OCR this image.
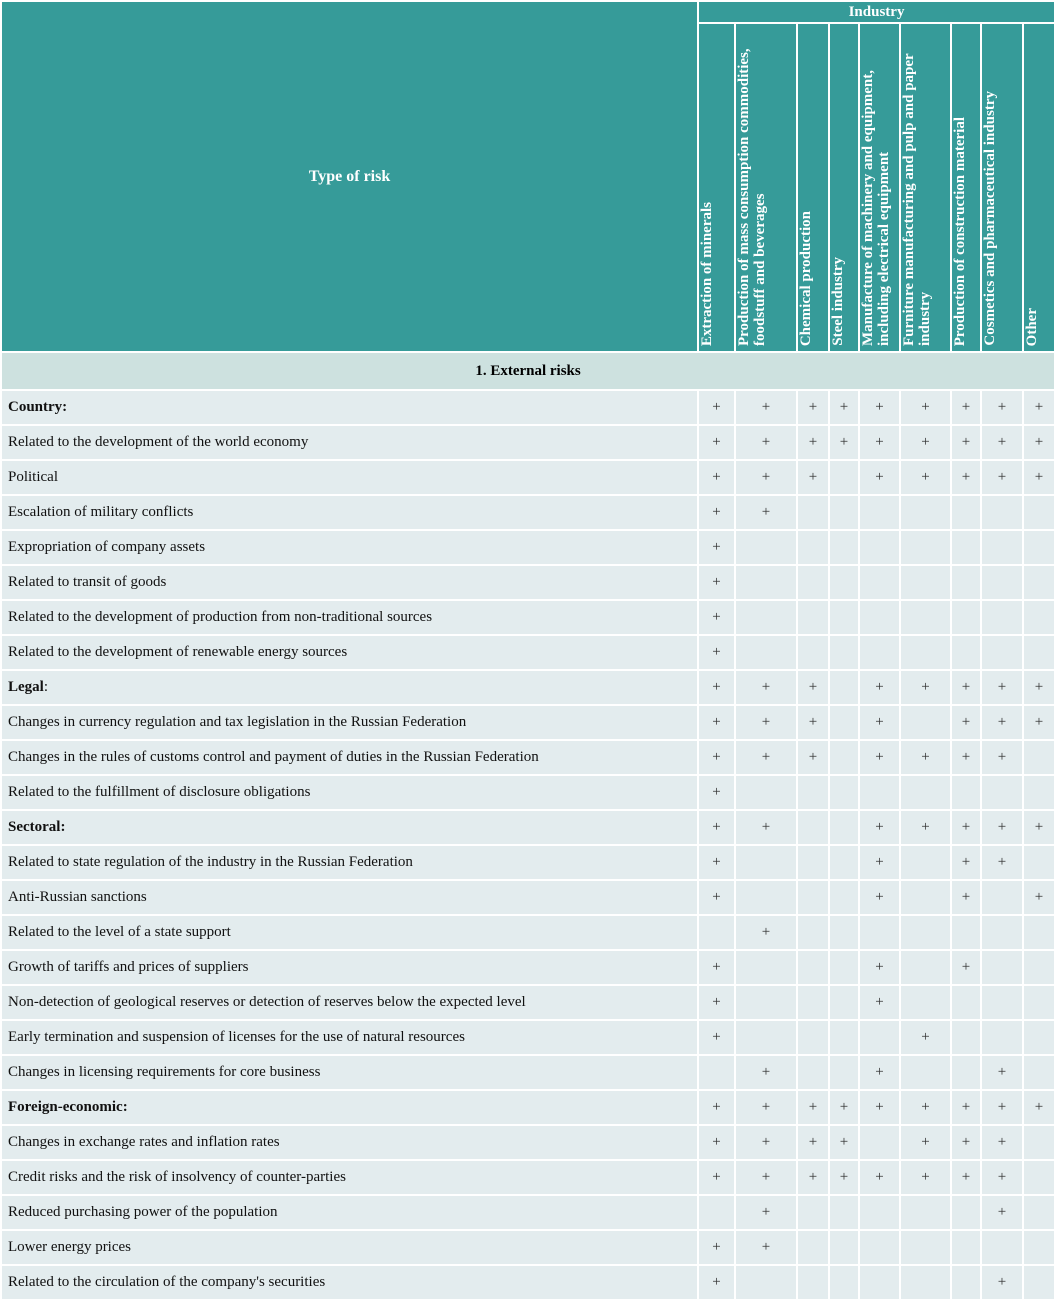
Type of risk	Industry								
	Extraction of minerals	Production of mass consumption commodities, foodstuff and beverages	Chemical production	Steel industry	Manufacture of machinery and equipment, including electrical equipment	Furniture manufacturing and pulp and paper industry	Production of construction material	Cosmetics and pharmaceutical industry	Other
1. External risks									
Country:	+	+	+	+	+	+	+	+	+
Related to the development of the world economy	+	+	+	+	+	+	+	+	+
Political	+	+	+		+	+	+	+	+
Escalation of military conflicts	+	+							
Expropriation of company assets	+								
Related to transit of goods	+								
Related to the development of production from non-traditional sources	+								
Related to the development of renewable energy sources	+								
Legal:	+	+	+		+	+	+	+	+
Changes in currency regulation and tax legislation in the Russian Federation	+	+	+		+		+	+	+
Changes in the rules of customs control and payment of duties in the Russian Federation	+	+	+		+	+	+	+	
Related to the fulfillment of disclosure obligations	+								
Sectoral:	+	+			+	+	+	+	+
Related to state regulation of the industry in the Russian Federation	+				+		+	+	
Anti-Russian sanctions	+				+		+		+
Related to the level of a state support		+							
Growth of tariffs and prices of suppliers	+				+		+		
Non-detection of geological reserves or detection of reserves below the expected level	+				+				
Early termination and suspension of licenses for the use of natural resources	+					+			
Changes in licensing requirements for core business		+			+			+	
Foreign-economic:	+	+	+	+	+	+	+	+	+
Changes in exchange rates and inflation rates	+	+	+	+		+	+	+	
Credit risks and the risk of insolvency of counter-parties	+	+	+	+	+	+	+	+	
Reduced purchasing power of the population		+						+	
Lower energy prices	+	+							
Related to the circulation of the company's securities	+							+	
